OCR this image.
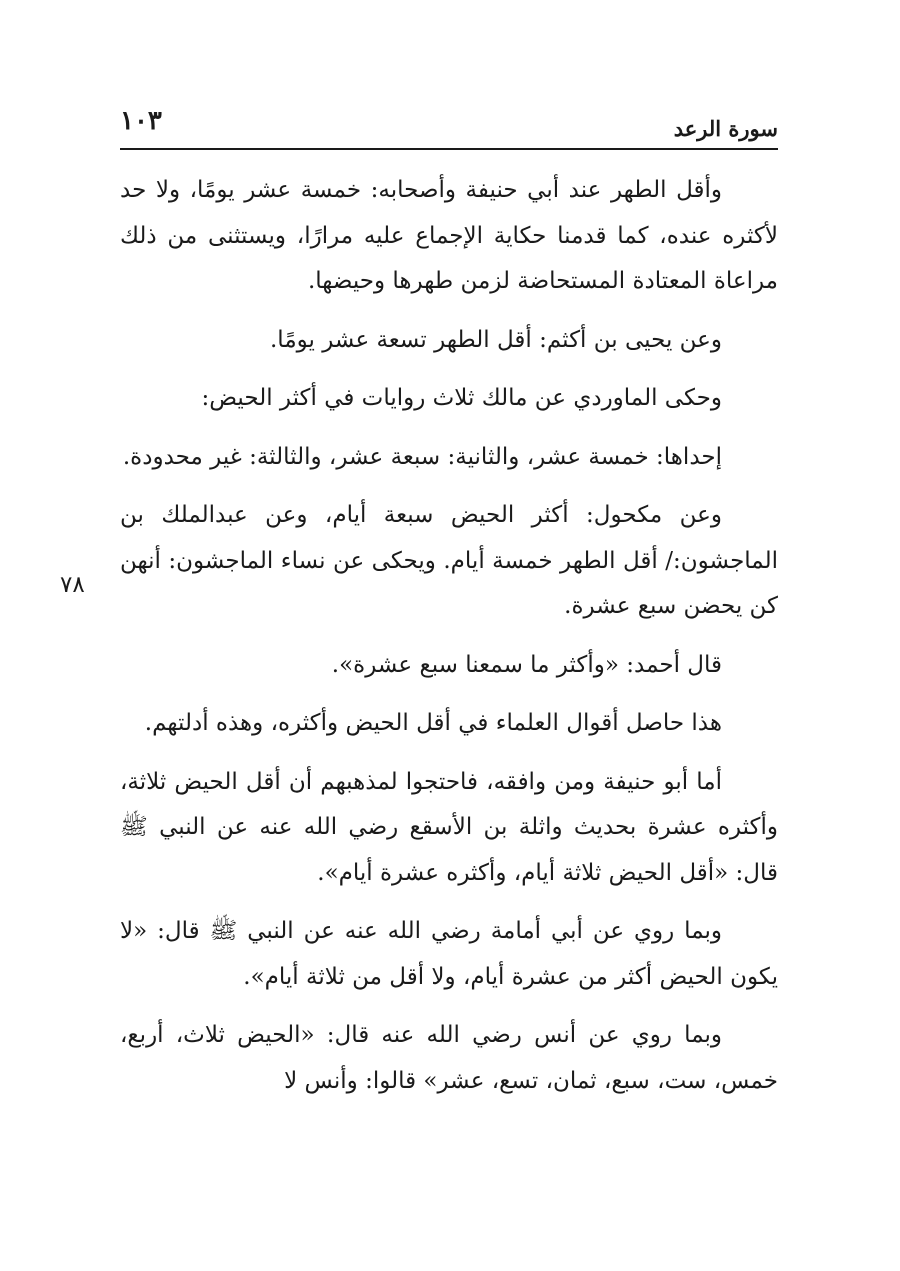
سورة الرعد
١٠٣
٧٨

وأقل الطهر عند أبي حنيفة وأصحابه: خمسة عشر يومًا، ولا حد لأكثره عنده، كما قدمنا حكاية الإجماع عليه مرارًا، ويستثنى من ذلك مراعاة المعتادة المستحاضة لزمن طهرها وحيضها.

وعن يحيى بن أكثم: أقل الطهر تسعة عشر يومًا.

وحكى الماوردي عن مالك ثلاث روايات في أكثر الحيض:

إحداها: خمسة عشر، والثانية: سبعة عشر، والثالثة: غير محدودة.

وعن مكحول: أكثر الحيض سبعة أيام، وعن عبدالملك بن الماجشون:/ أقل الطهر خمسة أيام. ويحكى عن نساء الماجشون: أنهن كن يحضن سبع عشرة.

قال أحمد: «وأكثر ما سمعنا سبع عشرة».

هذا حاصل أقوال العلماء في أقل الحيض وأكثره، وهذه أدلتهم.

أما أبو حنيفة ومن وافقه، فاحتجوا لمذهبهم أن أقل الحيض ثلاثة، وأكثره عشرة بحديث واثلة بن الأسقع رضي الله عنه عن النبي ﷺ قال: «أقل الحيض ثلاثة أيام، وأكثره عشرة أيام».

وبما روي عن أبي أمامة رضي الله عنه عن النبي ﷺ قال: «لا يكون الحيض أكثر من عشرة أيام، ولا أقل من ثلاثة أيام».

وبما روي عن أنس رضي الله عنه قال: «الحيض ثلاث، أربع، خمس، ست، سبع، ثمان، تسع، عشر» قالوا: وأنس لا
